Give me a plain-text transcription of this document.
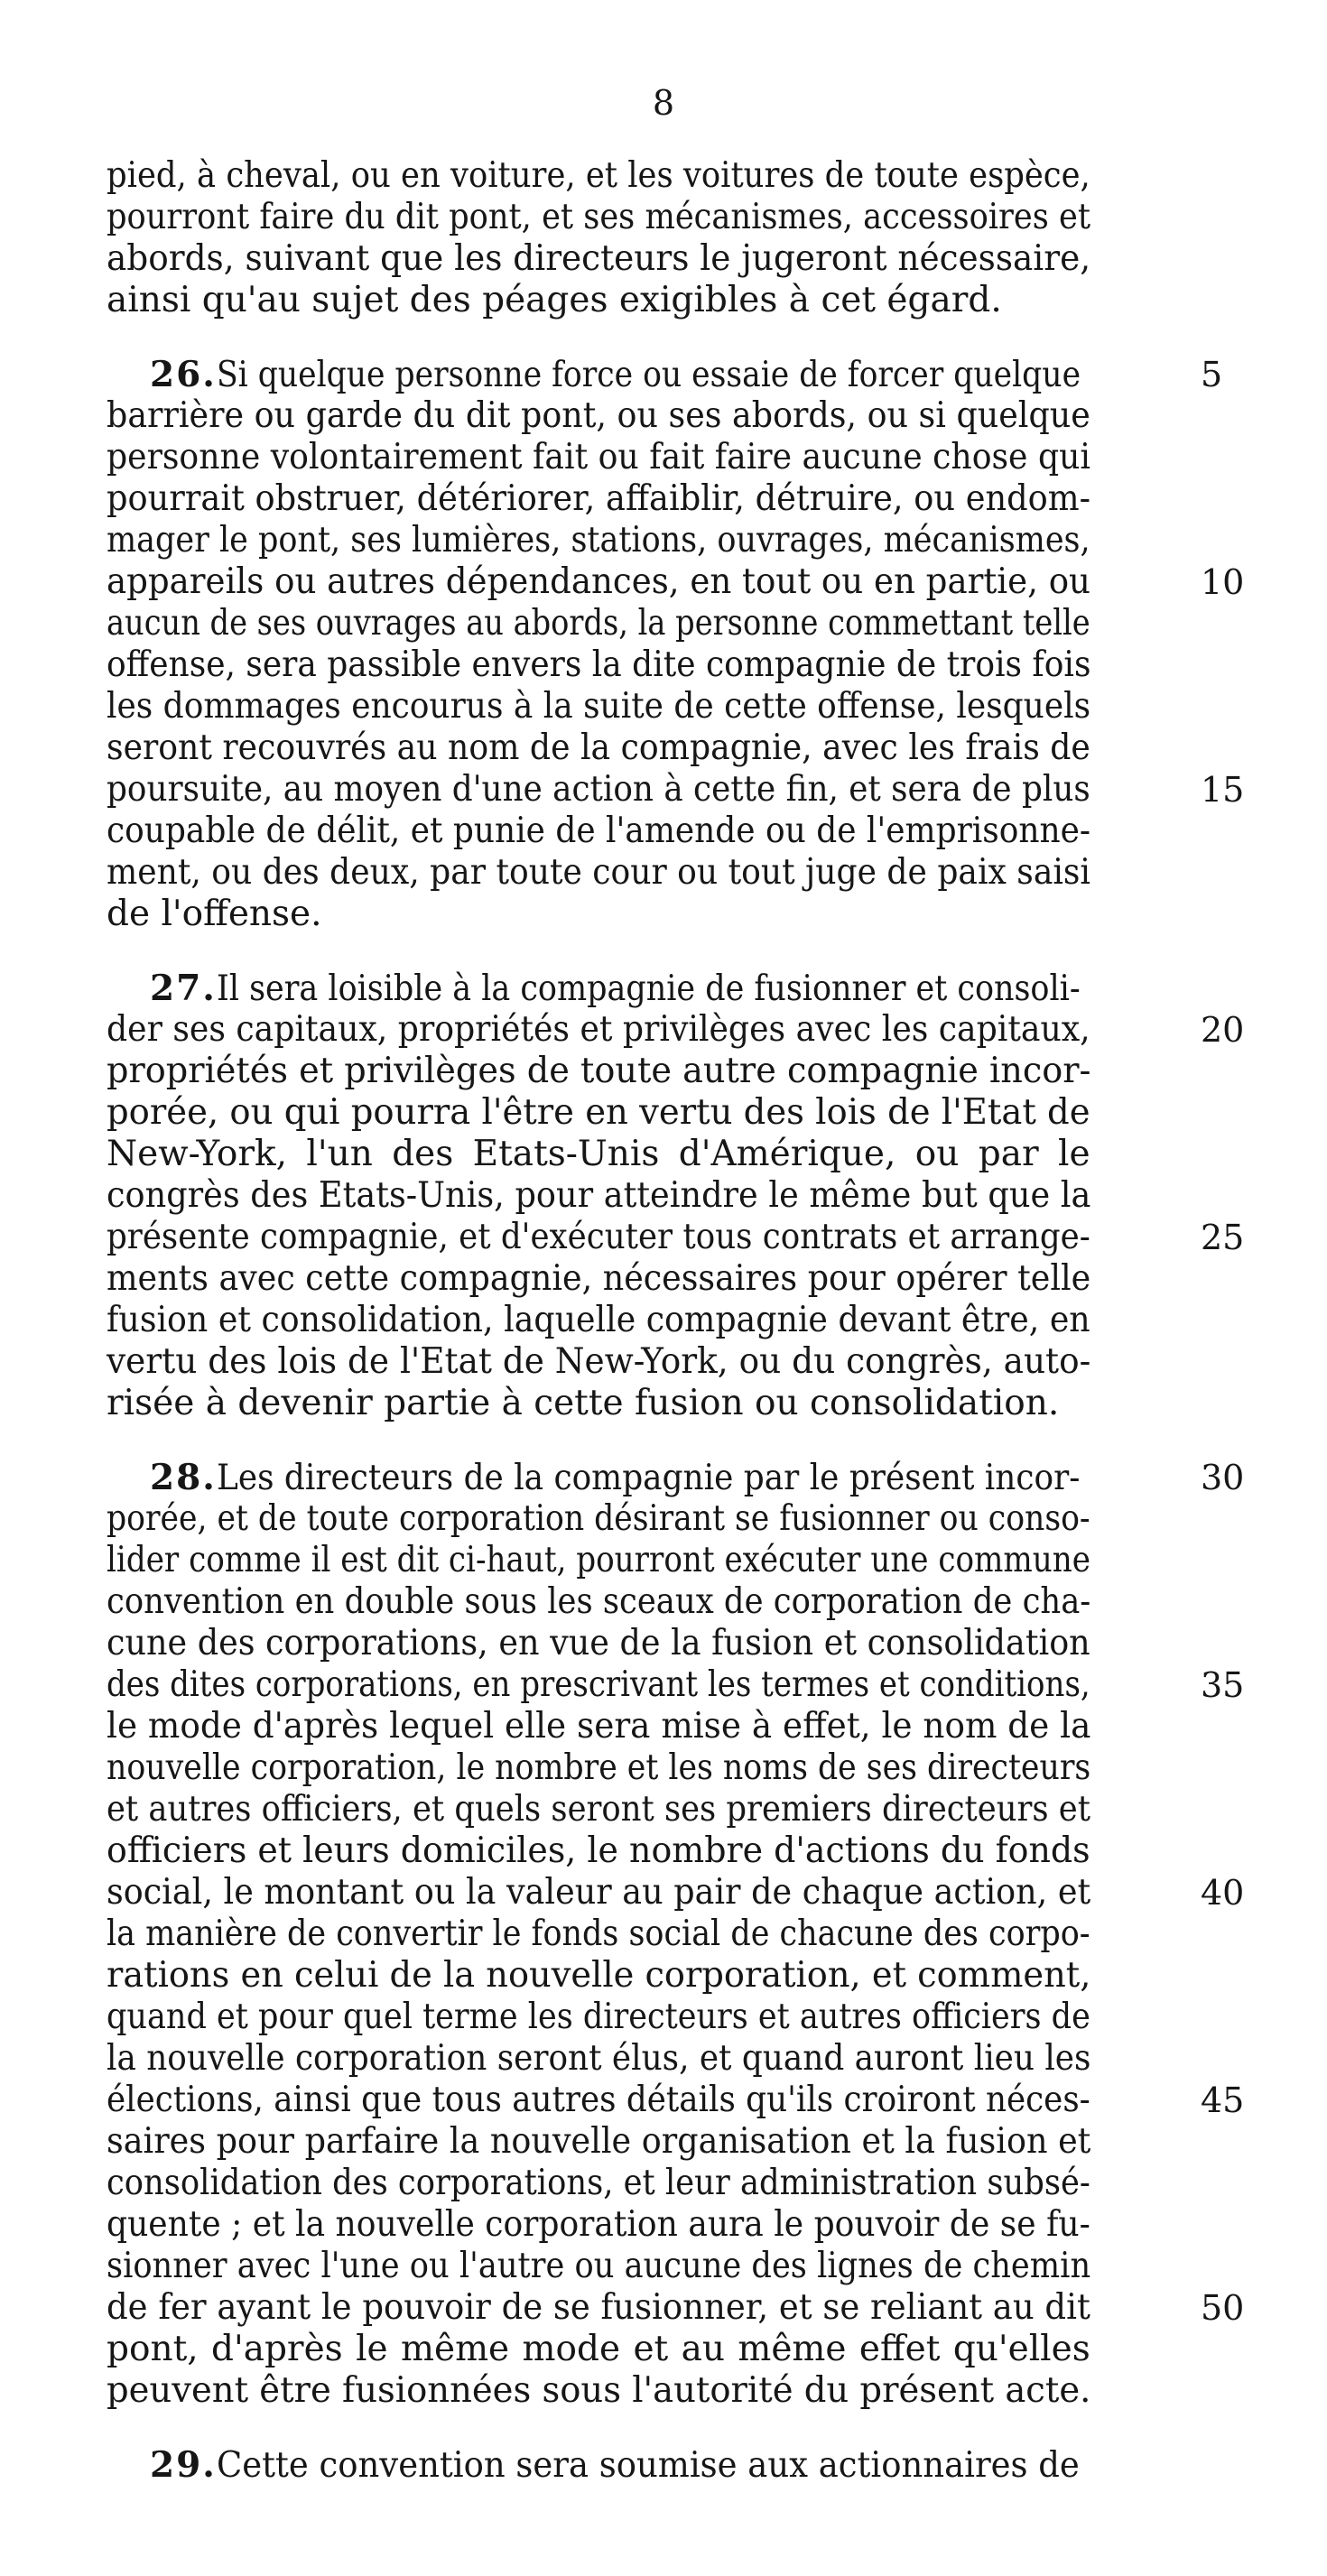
8
pied, à cheval, ou en voiture, et les voitures de toute espèce,
pourront faire du dit pont, et ses mécanismes, accessoires et
abords, suivant que les directeurs le jugeront nécessaire,
ainsi qu'au sujet des péages exigibles à cet égard.
26.Si quelque personne force ou essaie de forcer quelque	5
barrière ou garde du dit pont, ou ses abords, ou si quelque
personne volontairement fait ou fait faire aucune chose qui
pourrait obstruer, détériorer, affaiblir, détruire, ou endom-
mager le pont, ses lumières, stations, ouvrages, mécanismes,
appareils ou autres dépendances, en tout ou en partie, ou	10
aucun de ses ouvrages au abords, la personne commettant telle
offense, sera passible envers la dite compagnie de trois fois
les dommages encourus à la suite de cette offense, lesquels
seront recouvrés au nom de la compagnie, avec les frais de
poursuite, au moyen d'une action à cette fin, et sera de plus	15
coupable de délit, et punie de l'amende ou de l'emprisonne-
ment, ou des deux, par toute cour ou tout juge de paix saisi
de l'offense.
27.Il sera loisible à la compagnie de fusionner et consoli-
der ses capitaux, propriétés et privilèges avec les capitaux,	20
propriétés et privilèges de toute autre compagnie incor-
porée, ou qui pourra l'être en vertu des lois de l'Etat de
New-York, l'un des Etats-Unis d'Amérique, ou par le
congrès des Etats-Unis, pour atteindre le même but que la
présente compagnie, et d'exécuter tous contrats et arrange-	25
ments avec cette compagnie, nécessaires pour opérer telle
fusion et consolidation, laquelle compagnie devant être, en
vertu des lois de l'Etat de New-York, ou du congrès, auto-
risée à devenir partie à cette fusion ou consolidation.
28.Les directeurs de la compagnie par le présent incor-	30
porée, et de toute corporation désirant se fusionner ou conso-
lider comme il est dit ci-haut, pourront exécuter une commune
convention en double sous les sceaux de corporation de cha-
cune des corporations, en vue de la fusion et consolidation
des dites corporations, en prescrivant les termes et conditions,	35
le mode d'après lequel elle sera mise à effet, le nom de la
nouvelle corporation, le nombre et les noms de ses directeurs
et autres officiers, et quels seront ses premiers directeurs et
officiers et leurs domiciles, le nombre d'actions du fonds
social, le montant ou la valeur au pair de chaque action, et	40
la manière de convertir le fonds social de chacune des corpo-
rations en celui de la nouvelle corporation, et comment,
quand et pour quel terme les directeurs et autres officiers de
la nouvelle corporation seront élus, et quand auront lieu les
élections, ainsi que tous autres détails qu'ils croiront néces-	45
saires pour parfaire la nouvelle organisation et la fusion et
consolidation des corporations, et leur administration subsé-
quente ; et la nouvelle corporation aura le pouvoir de se fu-
sionner avec l'une ou l'autre ou aucune des lignes de chemin
de fer ayant le pouvoir de se fusionner, et se reliant au dit	50
pont, d'après le même mode et au même effet qu'elles
peuvent être fusionnées sous l'autorité du présent acte.
29.Cette convention sera soumise aux actionnaires de
